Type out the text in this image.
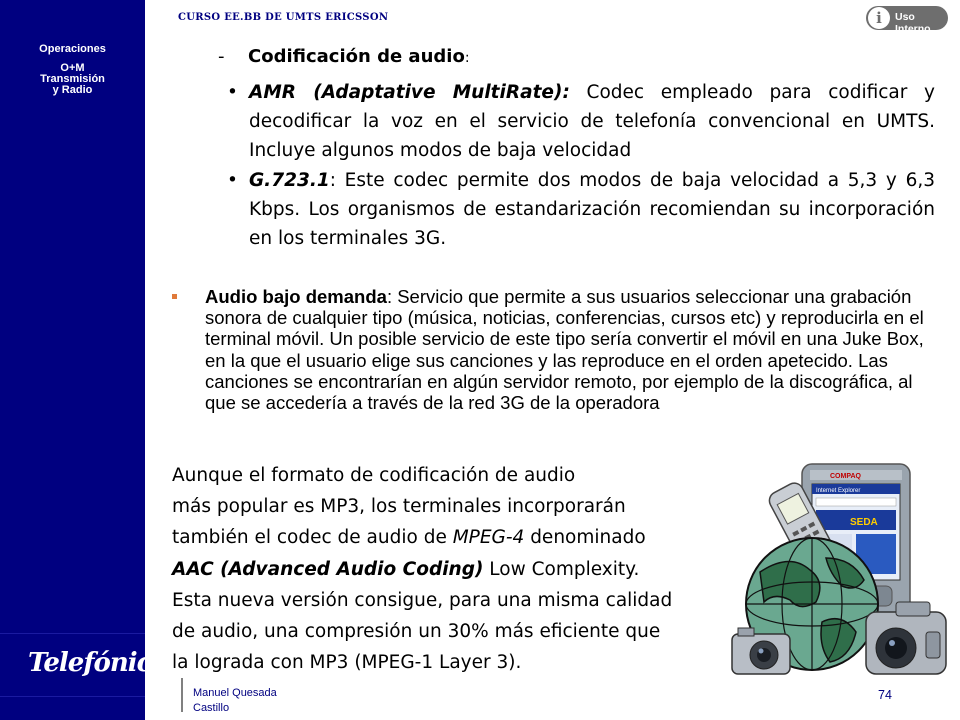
Operaciones
O+M
Transmisión
y Radio
Telefónica
CURSO EE.BB DE UMTS ERICSSON	i	Uso Interno
- Codificación de audio:
• AMR (Adaptative MultiRate): Codec empleado para codificar y decodificar la voz en el servicio de telefonía convencional en UMTS. Incluye algunos modos de baja velocidad
• G.723.1: Este codec permite dos modos de baja velocidad a 5,3 y 6,3 Kbps. Los organismos de estandarización recomiendan su incorporación en los terminales 3G.
Audio bajo demanda: Servicio que permite a sus usuarios seleccionar una grabación sonora de cualquier tipo (música, noticias, conferencias, cursos etc) y reproducirla en el terminal móvil. Un posible servicio de este tipo sería convertir el móvil en una Juke Box, en la que el usuario elige sus canciones y las reproduce en el orden apetecido. Las canciones se encontrarían en algún servidor remoto, por ejemplo de la discográfica, al que se accedería a través de la red 3G de la operadora
Aunque el formato de codificación de audio
más popular es MP3, los terminales incorporarán
también el codec de audio de MPEG-4 denominado
AAC (Advanced Audio Coding) Low Complexity.
Esta nueva versión consigue, para una misma calidad
de audio, una compresión un 30% más eficiente que
la lograda con MP3 (MPEG-1 Layer 3).
COMPAQ
Internet Explorer
SEDA
Manuel Quesada
Castillo
74
